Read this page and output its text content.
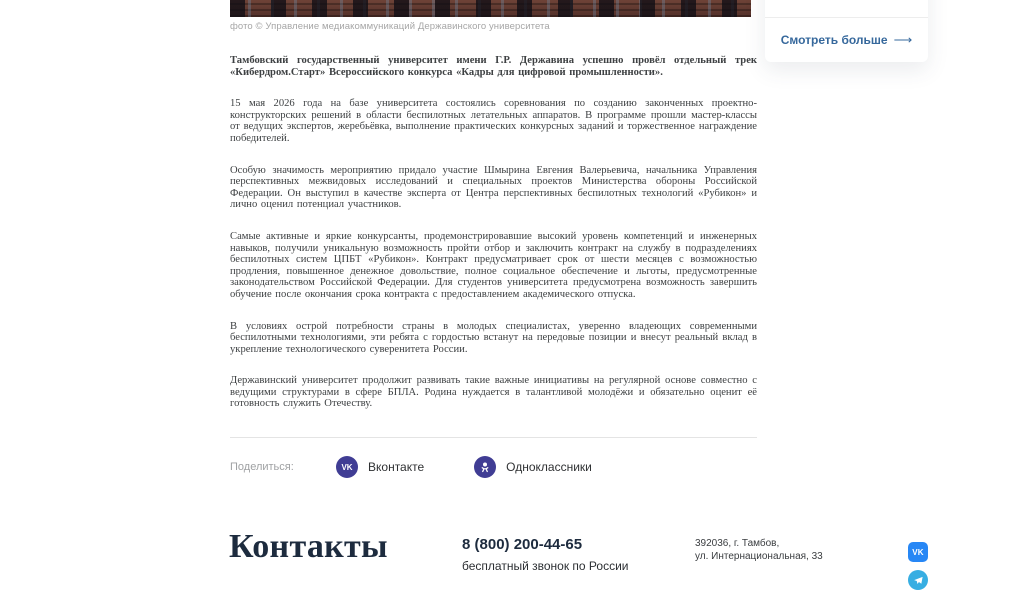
фото © Управление медиакоммуникаций Державинского университета

Тамбовский государственный университет имени Г.Р. Державина успешно провёл отдельный трек «Кибердром.Старт» Всероссийского конкурса «Кадры для цифровой промышленности».

15 мая 2026 года на базе университета состоялись соревнования по созданию законченных проектно-конструкторских решений в области беспилотных летательных аппаратов. В программе прошли мастер-классы от ведущих экспертов, жеребьёвка, выполнение практических конкурсных заданий и торжественное награждение победителей.

Особую значимость мероприятию придало участие Шмырина Евгения Валерьевича, начальника Управления перспективных межвидовых исследований и специальных проектов Министерства обороны Российской Федерации. Он выступил в качестве эксперта от Центра перспективных беспилотных технологий «Рубикон» и лично оценил потенциал участников.

Самые активные и яркие конкурсанты, продемонстрировавшие высокий уровень компетенций и инженерных навыков, получили уникальную возможность пройти отбор и заключить контракт на службу в подразделениях беспилотных систем ЦПБТ «Рубикон». Контракт предусматривает срок от шести месяцев с возможностью продления, повышенное денежное довольствие, полное социальное обеспечение и льготы, предусмотренные законодательством Российской Федерации. Для студентов университета предусмотрена возможность завершить обучение после окончания срока контракта с предоставлением академического отпуска.

В условиях острой потребности страны в молодых специалистах, уверенно владеющих современными беспилотными технологиями, эти ребята с гордостью встанут на передовые позиции и внесут реальный вклад в укрепление технологического суверенитета России.

Державинский университет продолжит развивать такие важные инициативы на регулярной основе совместно с ведущими структурами в сфере БПЛА. Родина нуждается в талантливой молодёжи и обязательно оценит её готовность служить Отечеству.

Поделиться:	VK	Вконтакте	Одноклассники
Смотреть больше ⟶
Контакты	8 (800) 200-44-65
бесплатный звонок по России
392036, г. Тамбов,
ул. Интернациональная, 33	VK
